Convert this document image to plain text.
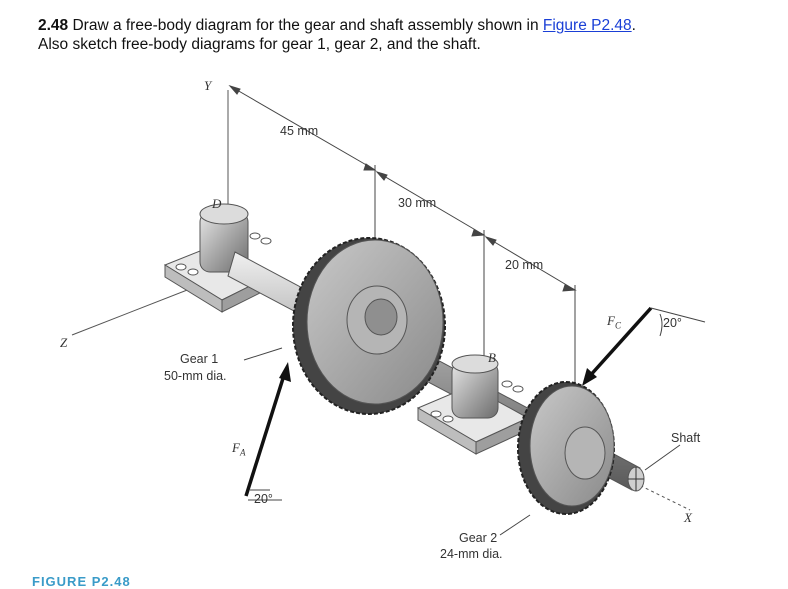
2.48 Draw a free-body diagram for the gear and shaft assembly shown in Figure P2.48.
Also sketch free-body diagrams for gear 1, gear 2, and the shaft.
Y
Z
X
D
B
45 mm
30 mm
20 mm
Gear 1
50-mm dia.
Gear 2
24-mm dia.
Shaft
$F_A$
$F_C$
20°
20°
FIGURE P2.48
